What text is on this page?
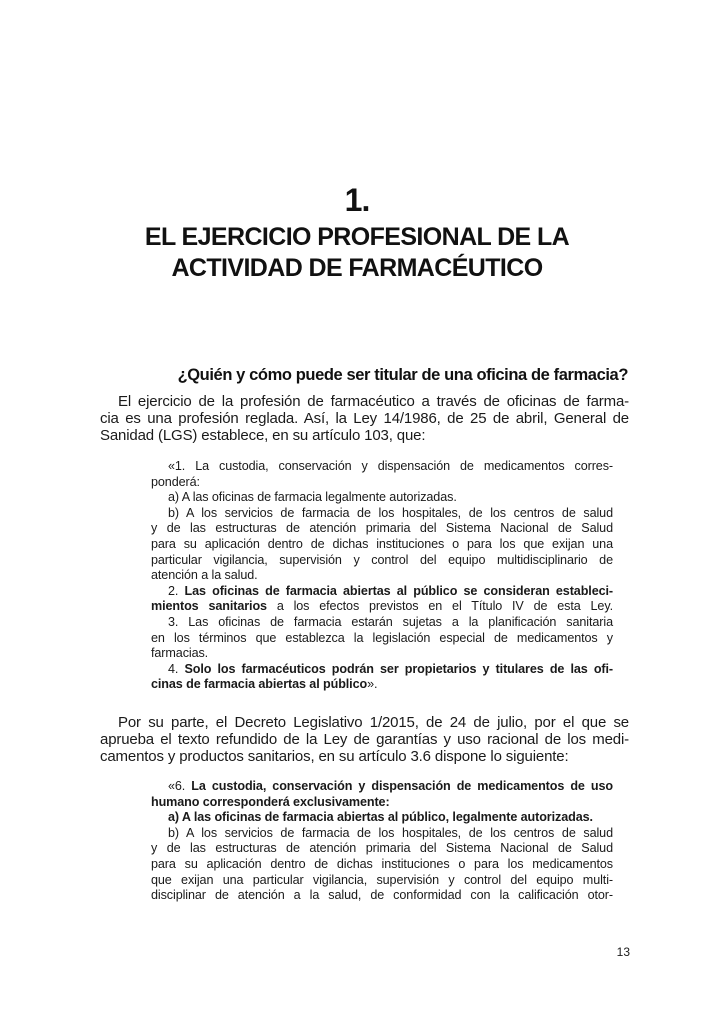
1.
EL EJERCICIO PROFESIONAL DE LA
ACTIVIDAD DE FARMACÉUTICO
¿Quién y cómo puede ser titular de una oficina de farmacia?
El ejercicio de la profesión de farmacéutico a través de oficinas de farma-
cia es una profesión reglada. Así, la Ley 14/1986, de 25 de abril, General de
Sanidad (LGS) establece, en su artículo 103, que:
«1. La custodia, conservación y dispensación de medicamentos corres-
ponderá:
a) A las oficinas de farmacia legalmente autorizadas.
b) A los servicios de farmacia de los hospitales, de los centros de salud
y de las estructuras de atención primaria del Sistema Nacional de Salud
para su aplicación dentro de dichas instituciones o para los que exijan una
particular vigilancia, supervisión y control del equipo multidisciplinario de
atención a la salud.
2. Las oficinas de farmacia abiertas al público se consideran estableci-
mientos sanitarios a los efectos previstos en el Título IV de esta Ley.
3. Las oficinas de farmacia estarán sujetas a la planificación sanitaria
en los términos que establezca la legislación especial de medicamentos y
farmacias.
4. Solo los farmacéuticos podrán ser propietarios y titulares de las ofi-
cinas de farmacia abiertas al público».
Por su parte, el Decreto Legislativo 1/2015, de 24 de julio, por el que se
aprueba el texto refundido de la Ley de garantías y uso racional de los medi-
camentos y productos sanitarios, en su artículo 3.6 dispone lo siguiente:
«6. La custodia, conservación y dispensación de medicamentos de uso
humano corresponderá exclusivamente:
a) A las oficinas de farmacia abiertas al público, legalmente autorizadas.
b) A los servicios de farmacia de los hospitales, de los centros de salud
y de las estructuras de atención primaria del Sistema Nacional de Salud
para su aplicación dentro de dichas instituciones o para los medicamentos
que exijan una particular vigilancia, supervisión y control del equipo multi-
disciplinar de atención a la salud, de conformidad con la calificación otor-
13
